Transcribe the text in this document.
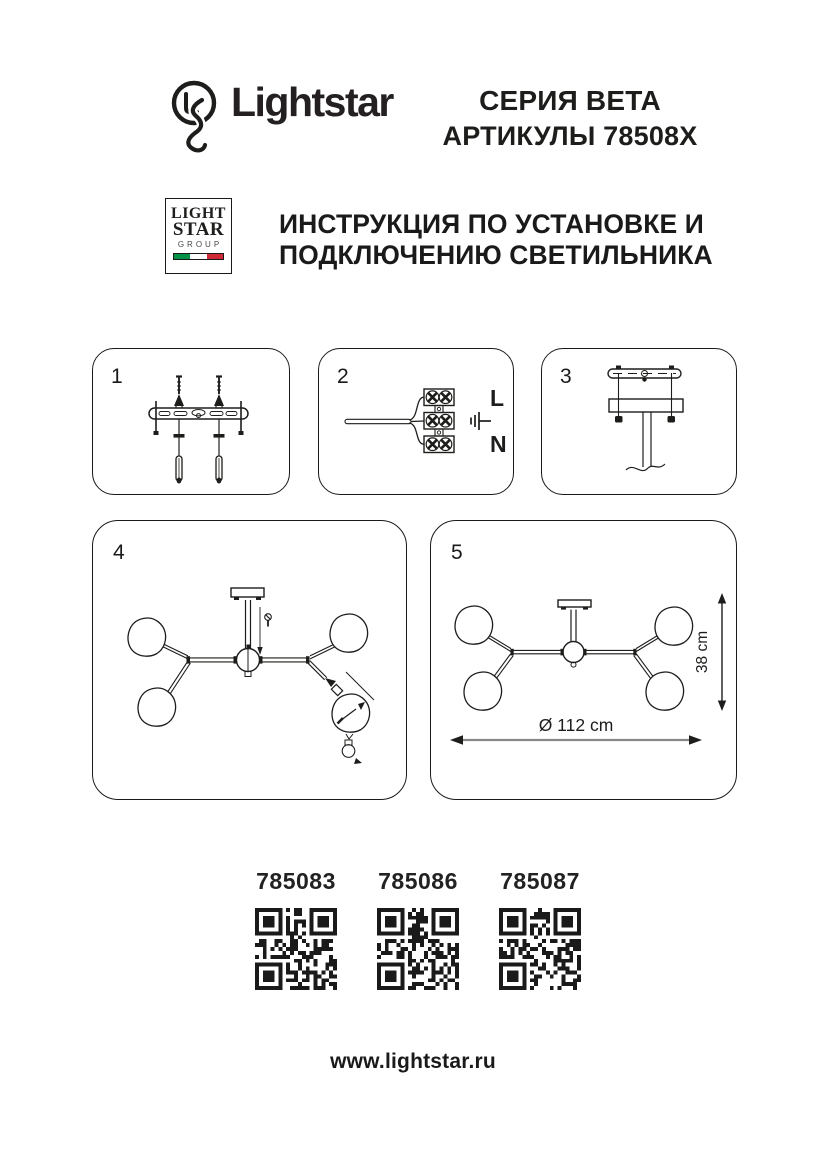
Lightstar	СЕРИЯ BETA
АРТИКУЛЫ 78508X
LIGHT
STAR
GROUP
ИНСТРУКЦИЯ ПО УСТАНОВКЕ И
ПОДКЛЮЧЕНИЮ СВЕТИЛЬНИКА
1	2
L
N
3
4	5
38 cm
Ø 112 cm
785083 785086 785087
www.lightstar.ru
